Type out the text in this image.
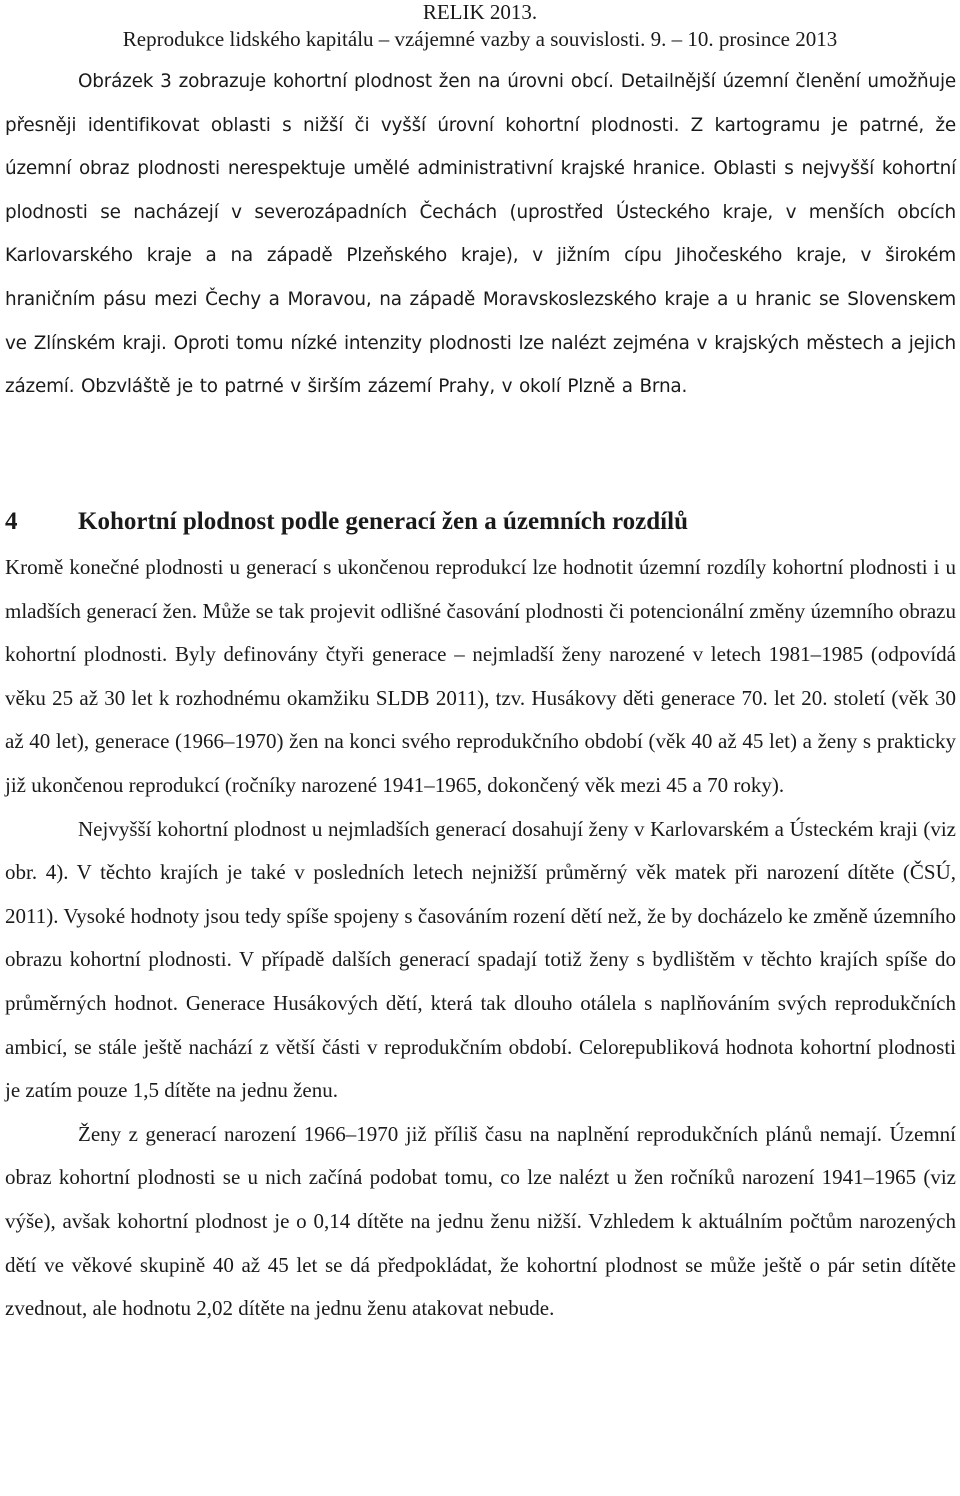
RELIK 2013.
Reprodukce lidského kapitálu – vzájemné vazby a souvislosti. 9. – 10. prosince 2013

Obrázek 3 zobrazuje kohortní plodnost žen na úrovni obcí. Detailnější územní členění umožňuje přesněji identifikovat oblasti s nižší či vyšší úrovní kohortní plodnosti. Z kartogramu je patrné, že územní obraz plodnosti nerespektuje umělé administrativní krajské hranice. Oblasti s nejvyšší kohortní plodnosti se nacházejí v severozápadních Čechách (uprostřed Ústeckého kraje, v menších obcích Karlovarského kraje a na západě Plzeňského kraje), v jižním cípu Jihočeského kraje, v širokém hraničním pásu mezi Čechy a Moravou, na západě Moravskoslezského kraje a u hranic se Slovenskem ve Zlínském kraji. Oproti tomu nízké intenzity plodnosti lze nalézt zejména v krajských městech a jejich zázemí. Obzvláště je to patrné v širším zázemí Prahy, v okolí Plzně a Brna.

4 Kohortní plodnost podle generací žen a územních rozdílů

Kromě konečné plodnosti u generací s ukončenou reprodukcí lze hodnotit územní rozdíly kohortní plodnosti i u mladších generací žen. Může se tak projevit odlišné časování plodnosti či potencionální změny územního obrazu kohortní plodnosti. Byly definovány čtyři generace – nejmladší ženy narozené v letech 1981–1985 (odpovídá věku 25 až 30 let k rozhodnému okamžiku SLDB 2011), tzv. Husákovy děti generace 70. let 20. století (věk 30 až 40 let), generace (1966–1970) žen na konci svého reprodukčního období (věk 40 až 45 let) a ženy s prakticky již ukončenou reprodukcí (ročníky narozené 1941–1965, dokončený věk mezi 45 a 70 roky).

Nejvyšší kohortní plodnost u nejmladších generací dosahují ženy v Karlovarském a Ústeckém kraji (viz obr. 4). V těchto krajích je také v posledních letech nejnižší průměrný věk matek při narození dítěte (ČSÚ, 2011). Vysoké hodnoty jsou tedy spíše spojeny s časováním rození dětí než, že by docházelo ke změně územního obrazu kohortní plodnosti. V případě dalších generací spadají totiž ženy s bydlištěm v těchto krajích spíše do průměrných hodnot. Generace Husákových dětí, která tak dlouho otálela s naplňováním svých reprodukčních ambicí, se stále ještě nachází z větší části v reprodukčním období. Celorepubliková hodnota kohortní plodnosti je zatím pouze 1,5 dítěte na jednu ženu.

Ženy z generací narození 1966–1970 již příliš času na naplnění reprodukčních plánů nemají. Územní obraz kohortní plodnosti se u nich začíná podobat tomu, co lze nalézt u žen ročníků narození 1941–1965 (viz výše), avšak kohortní plodnost je o 0,14 dítěte na jednu ženu nižší. Vzhledem k aktuálním počtům narozených dětí ve věkové skupině 40 až 45 let se dá předpokládat, že kohortní plodnost se může ještě o pár setin dítěte zvednout, ale hodnotu 2,02 dítěte na jednu ženu atakovat nebude.
